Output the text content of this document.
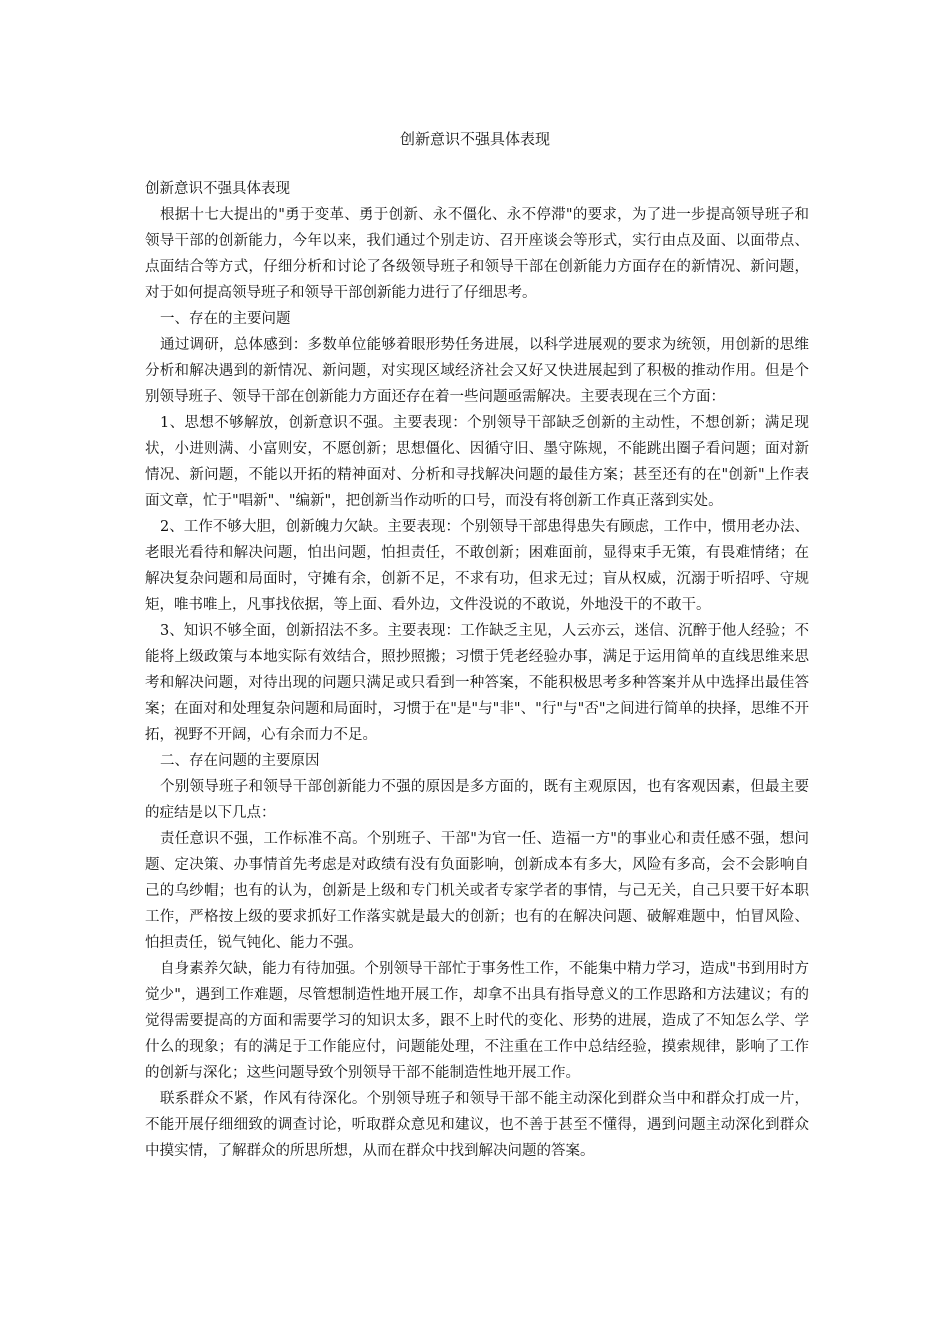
创新意识不强具体表现

创新意识不强具体表现

根据十七大提出的"勇于变革、勇于创新、永不僵化、永不停滞"的要求，为了进一步提高领导班子和领导干部的创新能力，今年以来，我们通过个别走访、召开座谈会等形式，实行由点及面、以面带点、点面结合等方式，仔细分析和讨论了各级领导班子和领导干部在创新能力方面存在的新情况、新问题，对于如何提高领导班子和领导干部创新能力进行了仔细思考。

一、存在的主要问题

通过调研，总体感到：多数单位能够着眼形势任务进展，以科学进展观的要求为统领，用创新的思维分析和解决遇到的新情况、新问题，对实现区域经济社会又好又快进展起到了积极的推动作用。但是个别领导班子、领导干部在创新能力方面还存在着一些问题亟需解决。主要表现在三个方面：

1、思想不够解放，创新意识不强。主要表现：个别领导干部缺乏创新的主动性，不想创新；满足现状，小进则满、小富则安，不愿创新；思想僵化、因循守旧、墨守陈规，不能跳出圈子看问题；面对新情况、新问题，不能以开拓的精神面对、分析和寻找解决问题的最佳方案；甚至还有的在"创新"上作表面文章，忙于"唱新"、"编新"，把创新当作动听的口号，而没有将创新工作真正落到实处。

2、工作不够大胆，创新魄力欠缺。主要表现：个别领导干部患得患失有顾虑，工作中，惯用老办法、老眼光看待和解决问题，怕出问题，怕担责任，不敢创新；困难面前，显得束手无策，有畏难情绪；在解决复杂问题和局面时，守摊有余，创新不足，不求有功，但求无过；盲从权威，沉溺于听招呼、守规矩，唯书唯上，凡事找依据，等上面、看外边，文件没说的不敢说，外地没干的不敢干。

3、知识不够全面，创新招法不多。主要表现：工作缺乏主见，人云亦云，迷信、沉醉于他人经验；不能将上级政策与本地实际有效结合，照抄照搬；习惯于凭老经验办事，满足于运用简单的直线思维来思考和解决问题，对待出现的问题只满足或只看到一种答案，不能积极思考多种答案并从中选择出最佳答案；在面对和处理复杂问题和局面时，习惯于在"是"与"非"、"行"与"否"之间进行简单的抉择，思维不开拓，视野不开阔，心有余而力不足。

二、存在问题的主要原因

个别领导班子和领导干部创新能力不强的原因是多方面的，既有主观原因，也有客观因素，但最主要的症结是以下几点：

责任意识不强，工作标准不高。个别班子、干部"为官一任、造福一方"的事业心和责任感不强，想问题、定决策、办事情首先考虑是对政绩有没有负面影响，创新成本有多大，风险有多高，会不会影响自己的乌纱帽；也有的认为，创新是上级和专门机关或者专家学者的事情，与己无关，自己只要干好本职工作，严格按上级的要求抓好工作落实就是最大的创新；也有的在解决问题、破解难题中，怕冒风险、怕担责任，锐气钝化、能力不强。

自身素养欠缺，能力有待加强。个别领导干部忙于事务性工作，不能集中精力学习，造成"书到用时方觉少"，遇到工作难题，尽管想制造性地开展工作，却拿不出具有指导意义的工作思路和方法建议；有的觉得需要提高的方面和需要学习的知识太多，跟不上时代的变化、形势的进展，造成了不知怎么学、学什么的现象；有的满足于工作能应付，问题能处理，不注重在工作中总结经验，摸索规律，影响了工作的创新与深化；这些问题导致个别领导干部不能制造性地开展工作。

联系群众不紧，作风有待深化。个别领导班子和领导干部不能主动深化到群众当中和群众打成一片，不能开展仔细细致的调查讨论，听取群众意见和建议，也不善于甚至不懂得，遇到问题主动深化到群众中摸实情，了解群众的所思所想，从而在群众中找到解决问题的答案。
